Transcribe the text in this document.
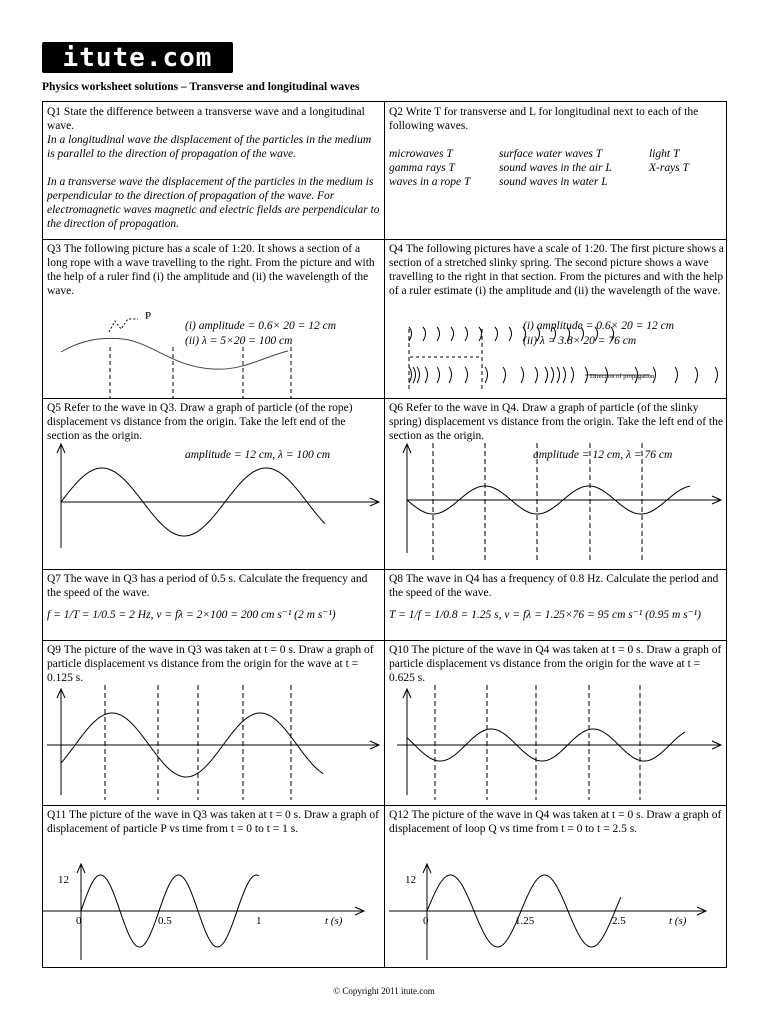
itute.com
Physics worksheet solutions – Transverse and longitudinal waves

Q1 State the difference between a transverse wave and a longitudinal wave.

In a longitudinal wave the displacement of the particles in the medium is parallel to the direction of propagation of the wave.

In a transverse wave the displacement of the particles in the medium is perpendicular to the direction of propagation of the wave. For electromagnetic waves magnetic and electric fields are perpendicular to the direction of propagation.

Q2 Write T for transverse and L for longitudinal next to each of the following waves.

microwaves T	surface water waves T	light T
gamma rays T	sound waves in the air L	X-rays T
waves in a rope T	sound waves in water L

Q3 The following picture has a scale of 1:20. It shows a section of a long rope with a wave travelling to the right. From the picture and with the help of a ruler find (i) the amplitude and (ii) the wavelength of the wave.

(i) amplitude = 0.6× 20 = 12 cm
(ii) λ = 5×20 = 100 cm
P

Q4 The following pictures have a scale of 1:20. The first picture shows a section of a stretched slinky spring. The second picture shows a wave travelling to the right in that section. From the pictures and with the help of a ruler estimate (i) the amplitude and (ii) the wavelength of the wave.

(i) amplitude = 0.6× 20 = 12 cm
(ii) λ = 3.8× 20 = 76 cm
Direction of propagation

Q5 Refer to the wave in Q3. Draw a graph of particle (of the rope) displacement vs distance from the origin. Take the left end of the section as the origin.

amplitude = 12 cm, λ = 100 cm

Q6 Refer to the wave in Q4. Draw a graph of particle (of the slinky spring) displacement vs distance from the origin. Take the left end of the section as the origin.

amplitude = 12 cm, λ = 76 cm

Q7 The wave in Q3 has a period of 0.5 s. Calculate the frequency and the speed of the wave.

f = 1/T = 1/0.5 = 2 Hz, v = fλ = 2×100 = 200 cm s⁻¹ (2 m s⁻¹)

Q8 The wave in Q4 has a frequency of 0.8 Hz. Calculate the period and the speed of the wave.

T = 1/f = 1/0.8 = 1.25 s, v = fλ = 1.25×76 = 95 cm s⁻¹ (0.95 m s⁻¹)

Q9 The picture of the wave in Q3 was taken at t = 0 s. Draw a graph of particle displacement vs distance from the origin for the wave at t = 0.125 s.

Q10 The picture of the wave in Q4 was taken at t = 0 s. Draw a graph of particle displacement vs distance from the origin for the wave at t = 0.625 s.

Q11 The picture of the wave in Q3 was taken at t = 0 s. Draw a graph of displacement of particle P vs time from t = 0 to t = 1 s.

12
0	0.5	1	t (s)

Q12 The picture of the wave in Q4 was taken at t = 0 s. Draw a graph of displacement of loop Q vs time from t = 0 to t = 2.5 s.

12
0	1.25	2.5	t (s)
© Copyright 2011 itute.com
